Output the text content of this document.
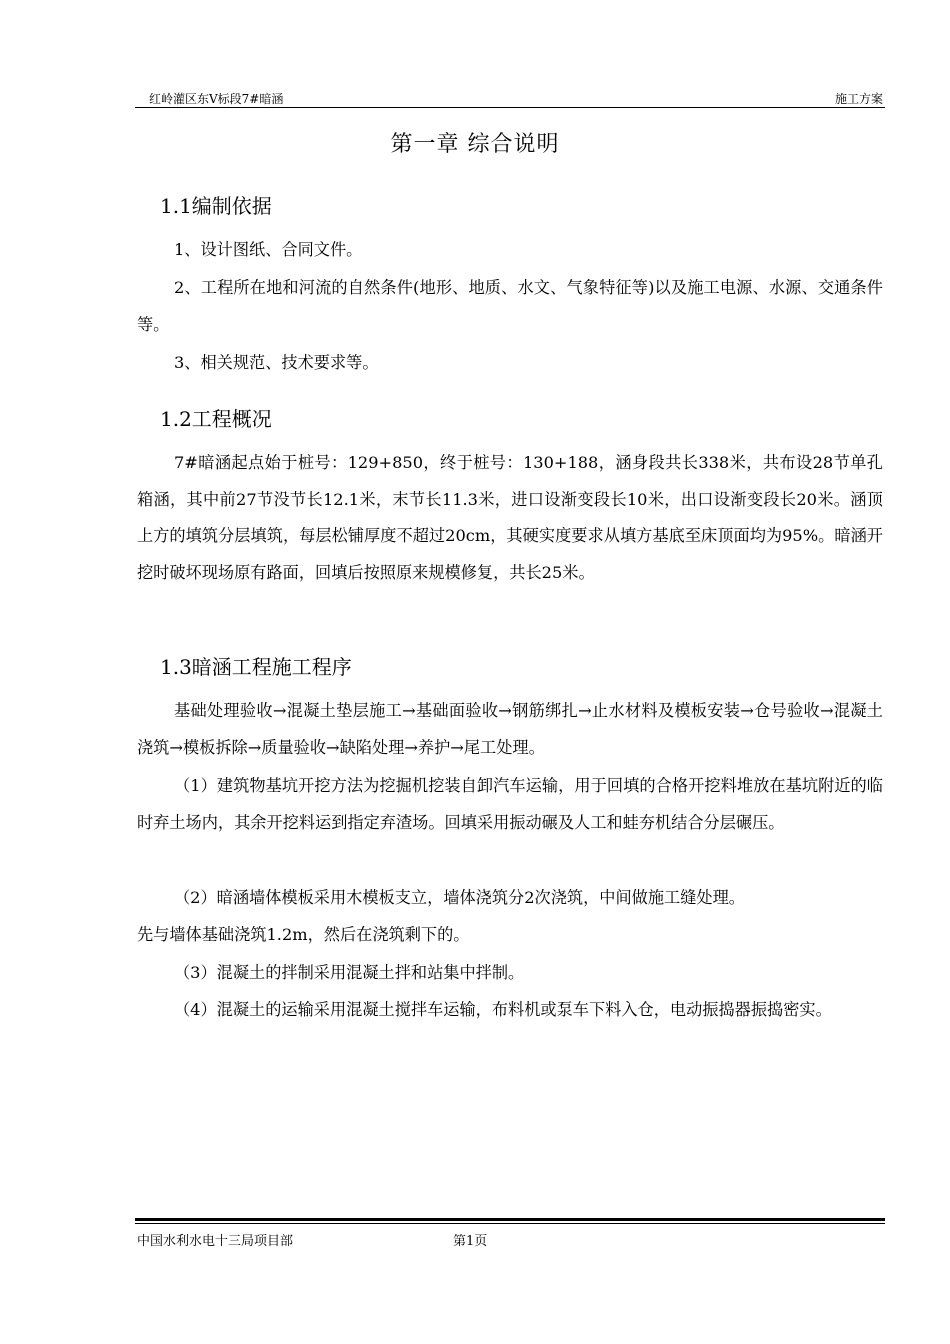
红岭灌区东Ⅴ标段7#暗涵	施工方案
第一章 综合说明
1.1编制依据
1、设计图纸、合同文件。
2、工程所在地和河流的自然条件(地形、地质、水文、气象特征等)以及施工电源、水源、交通条件等。
3、相关规范、技术要求等。
1.2工程概况
7#暗涵起点始于桩号：129+850，终于桩号：130+188，涵身段共长338米，共布设28节单孔箱涵，其中前27节没节长12.1米，末节长11.3米，进口设渐变段长10米，出口设渐变段长20米。涵顶上方的填筑分层填筑，每层松铺厚度不超过20cm，其硬实度要求从填方基底至床顶面均为95%。暗涵开挖时破坏现场原有路面，回填后按照原来规模修复，共长25米。
1.3暗涵工程施工程序
基础处理验收→混凝土垫层施工→基础面验收→钢筋绑扎→止水材料及模板安装→仓号验收→混凝土浇筑→模板拆除→质量验收→缺陷处理→养护→尾工处理。
（1）建筑物基坑开挖方法为挖掘机挖装自卸汽车运输，用于回填的合格开挖料堆放在基坑附近的临时弃土场内，其余开挖料运到指定弃渣场。回填采用振动碾及人工和蛙夯机结合分层碾压。
（2）暗涵墙体模板采用木模板支立，墙体浇筑分2次浇筑，中间做施工缝处理。
先与墙体基础浇筑1.2m，然后在浇筑剩下的。
（3）混凝土的拌制采用混凝土拌和站集中拌制。
（4）混凝土的运输采用混凝土搅拌车运输，布料机或泵车下料入仓，电动振捣器振捣密实。
中国水利水电十三局项目部	第1页
